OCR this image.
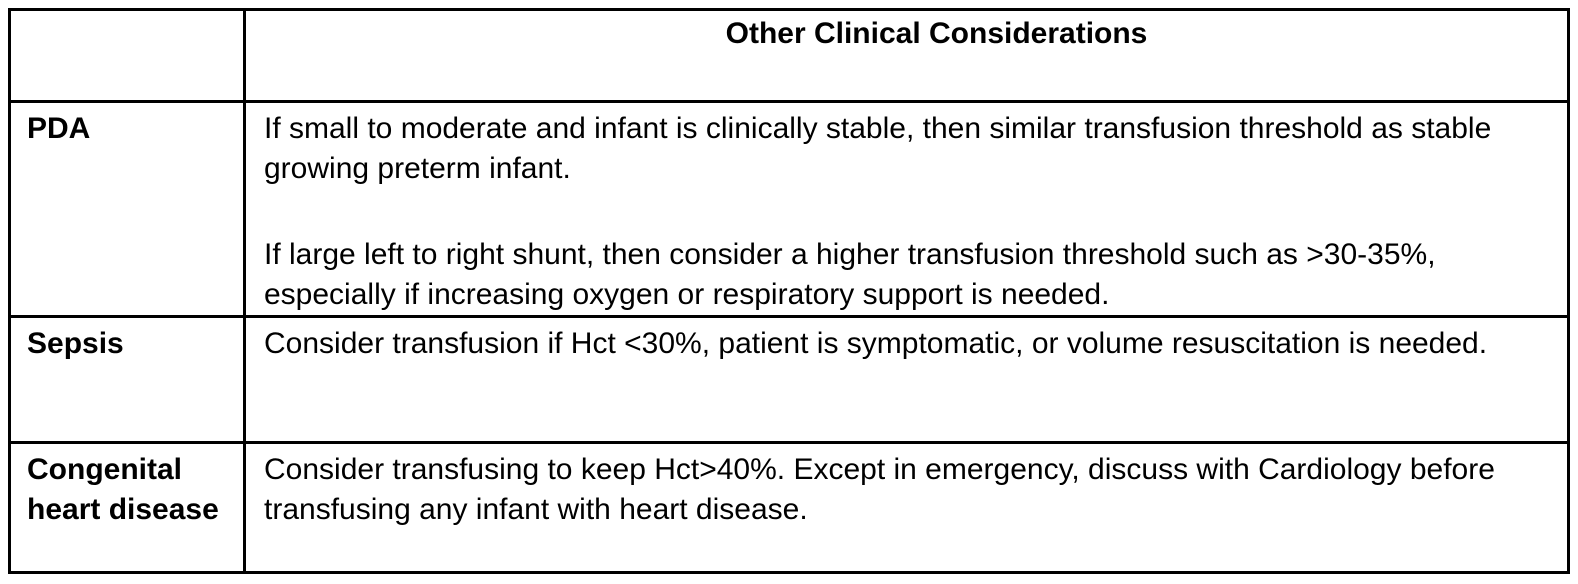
	Other Clinical Considerations
PDA	If small to moderate and infant is clinically stable, then similar transfusion threshold as stable growing preterm infant.

If large left to right shunt, then consider a higher transfusion threshold such as >30-35%, especially if increasing oxygen or respiratory support is needed.

Sepsis	Consider transfusion if Hct <30%, patient is symptomatic, or volume resuscitation is needed.

Congenital heart disease	Consider transfusing to keep Hct>40%. Except in emergency, discuss with Cardiology before transfusing any infant with heart disease.
